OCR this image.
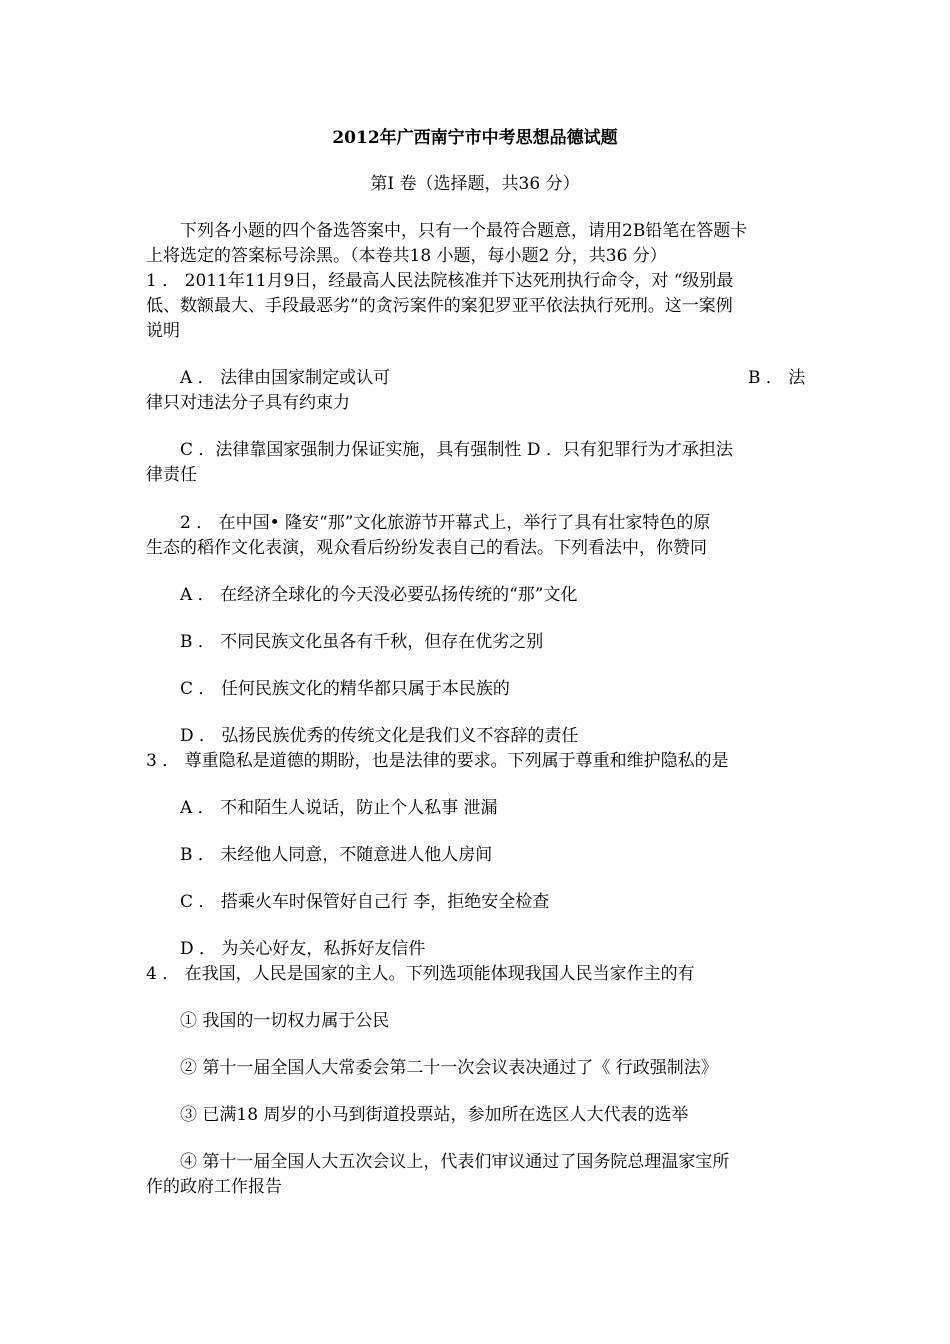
2012年广西南宁市中考思想品德试题

第Ⅰ 卷（选择题，共36 分）

下列各小题的四个备选答案中，只有一个最符合题意，请用2B铅笔在答题卡

上将选定的答案标号涂黑。（本卷共18 小题，每小题2 分，共36 分）

1 ． 2011年11月9日，经最高人民法院核准并下达死刑执行命令，对 “级别最

低、数额最大、手段最恶劣”的贪污案件的案犯罗亚平依法执行死刑。这一案例

说明

A ． 法律由国家制定或认可	B ． 法

律只对违法分子具有约束力

C ．法律靠国家强制力保证实施，具有强制性 D ．只有犯罪行为才承担法

律责任

2 ． 在中国• 隆安“那”文化旅游节开幕式上，举行了具有壮家特色的原

生态的稻作文化表演，观众看后纷纷发表自己的看法。下列看法中，你赞同

A ． 在经济全球化的今天没必要弘扬传统的“那”文化

B ． 不同民族文化虽各有千秋，但存在优劣之别

C ． 任何民族文化的精华都只属于本民族的

D ． 弘扬民族优秀的传统文化是我们义不容辞的责任

3 ． 尊重隐私是道德的期盼，也是法律的要求。下列属于尊重和维护隐私的是

A ． 不和陌生人说话，防止个人私事 泄漏

B ． 未经他人同意，不随意进人他人房间

C ． 搭乘火车时保管好自己行 李，拒绝安全检查

D ． 为关心好友，私拆好友信件

4 ． 在我国，人民是国家的主人。下列选项能体现我国人民当家作主的有

① 我国的一切权力属于公民

② 第十一届全国人大常委会第二十一次会议表决通过了《 行政强制法》

③ 已满18 周岁的小马到街道投票站，参加所在选区人大代表的选举

④ 第十一届全国人大五次会议上，代表们审议通过了国务院总理温家宝所

作的政府工作报告
